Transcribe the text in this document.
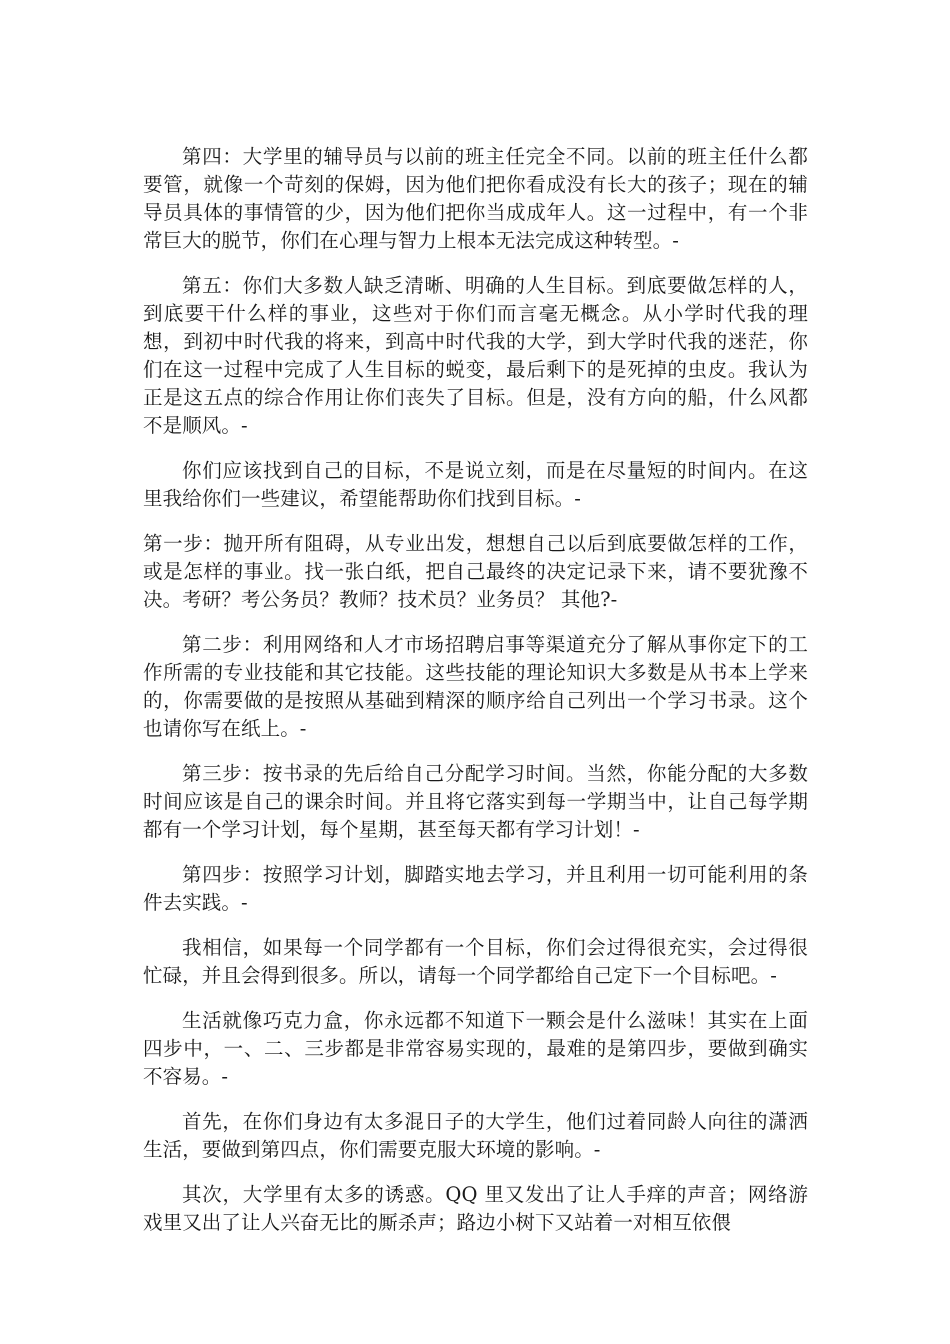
第四：大学里的辅导员与以前的班主任完全不同。以前的班主任什么都要管，就像一个苛刻的保姆，因为他们把你看成没有长大的孩子；现在的辅导员具体的事情管的少，因为他们把你当成成年人。这一过程中，有一个非常巨大的脱节，你们在心理与智力上根本无法完成这种转型。-

第五：你们大多数人缺乏清晰、明确的人生目标。到底要做怎样的人，到底要干什么样的事业，这些对于你们而言毫无概念。从小学时代我的理想，到初中时代我的将来，到高中时代我的大学，到大学时代我的迷茫，你们在这一过程中完成了人生目标的蜕变，最后剩下的是死掉的虫皮。我认为正是这五点的综合作用让你们丧失了目标。但是，没有方向的船，什么风都不是顺风。-

你们应该找到自己的目标，不是说立刻，而是在尽量短的时间内。在这里我给你们一些建议，希望能帮助你们找到目标。-

第一步：抛开所有阻碍，从专业出发，想想自己以后到底要做怎样的工作，或是怎样的事业。找一张白纸，把自己最终的决定记录下来，请不要犹豫不决。考研？考公务员？教师？技术员？业务员？ 其他?-

第二步：利用网络和人才市场招聘启事等渠道充分了解从事你定下的工作所需的专业技能和其它技能。这些技能的理论知识大多数是从书本上学来的，你需要做的是按照从基础到精深的顺序给自己列出一个学习书录。这个也请你写在纸上。-

第三步：按书录的先后给自己分配学习时间。当然，你能分配的大多数时间应该是自己的课余时间。并且将它落实到每一学期当中，让自己每学期都有一个学习计划，每个星期，甚至每天都有学习计划！-

第四步：按照学习计划，脚踏实地去学习，并且利用一切可能利用的条件去实践。-

我相信，如果每一个同学都有一个目标，你们会过得很充实，会过得很忙碌，并且会得到很多。所以，请每一个同学都给自己定下一个目标吧。-

生活就像巧克力盒，你永远都不知道下一颗会是什么滋味！其实在上面四步中，一、二、三步都是非常容易实现的，最难的是第四步，要做到确实不容易。-

首先，在你们身边有太多混日子的大学生，他们过着同龄人向往的潇洒生活，要做到第四点，你们需要克服大环境的影响。-

其次，大学里有太多的诱惑。QQ 里又发出了让人手痒的声音；网络游戏里又出了让人兴奋无比的厮杀声；路边小树下又站着一对相互依偎
